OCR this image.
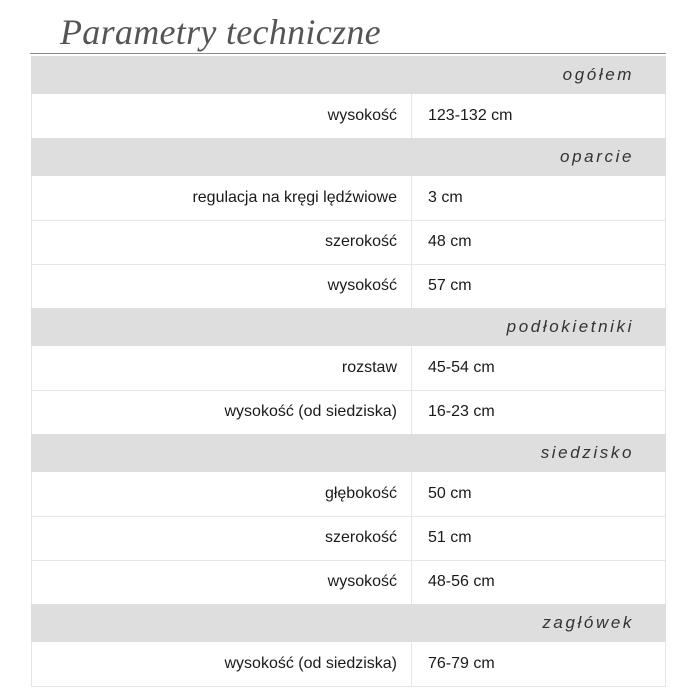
Parametry techniczne
ogółem	
wysokość	123-132 cm
oparcie	
regulacja na kręgi lędźwiowe	3 cm
szerokość	48 cm
wysokość	57 cm
podłokietniki	
rozstaw	45-54 cm
wysokość (od siedziska)	16-23 cm
siedzisko	
głębokość	50 cm
szerokość	51 cm
wysokość	48-56 cm
zagłówek	
wysokość (od siedziska)	76-79 cm
